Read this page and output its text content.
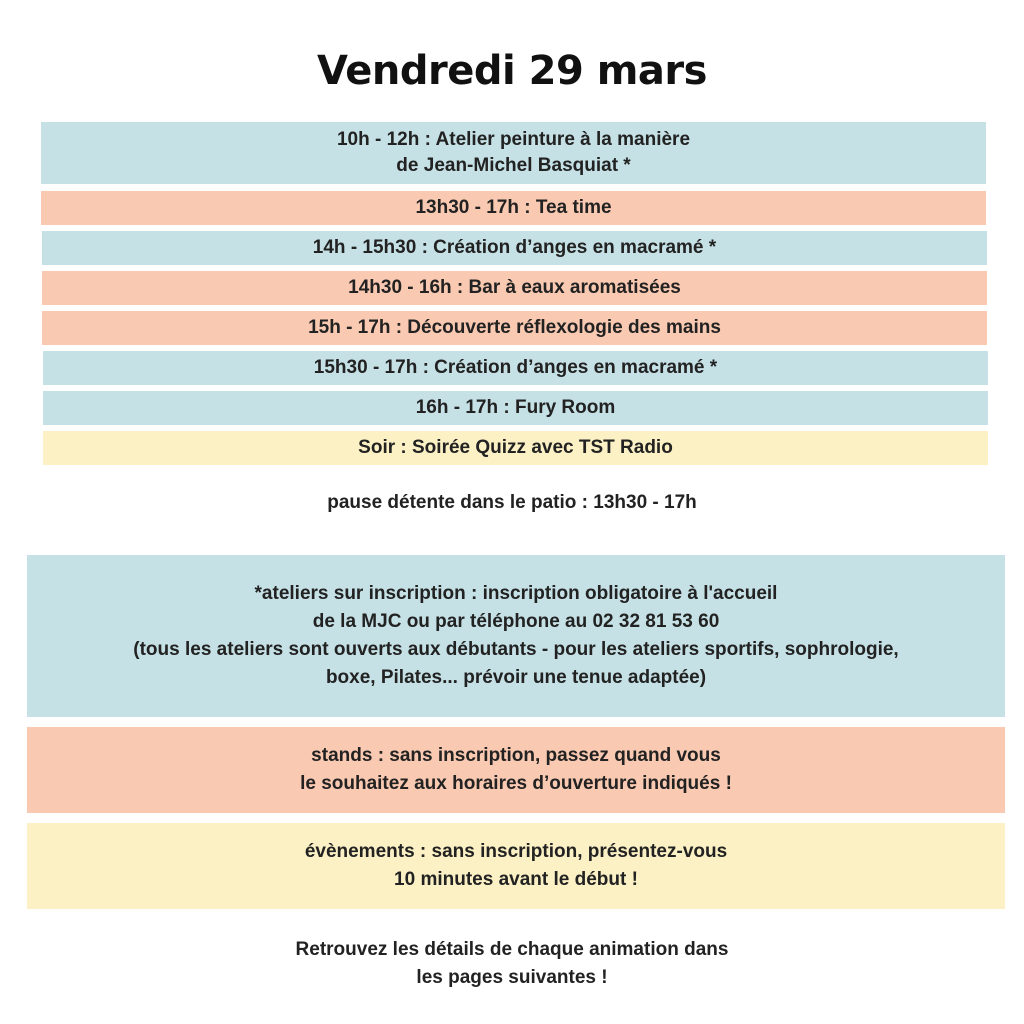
Vendredi 29 mars
10h - 12h : Atelier peinture à la manière
de Jean-Michel Basquiat *
13h30 - 17h : Tea time
14h - 15h30 : Création d’anges en macramé *
14h30 - 16h : Bar à eaux aromatisées
15h - 17h : Découverte réflexologie des mains
15h30 - 17h : Création d’anges en macramé *
16h - 17h : Fury Room
Soir : Soirée Quizz avec TST Radio
pause détente dans le patio : 13h30 - 17h
*ateliers sur inscription : inscription obligatoire à l'accueil
de la MJC ou par téléphone au 02 32 81 53 60
(tous les ateliers sont ouverts aux débutants - pour les ateliers sportifs, sophrologie,
boxe, Pilates... prévoir une tenue adaptée)
stands : sans inscription, passez quand vous
le souhaitez aux horaires d’ouverture indiqués !
évènements : sans inscription, présentez-vous
10 minutes avant le début !
Retrouvez les détails de chaque animation dans
les pages suivantes !
